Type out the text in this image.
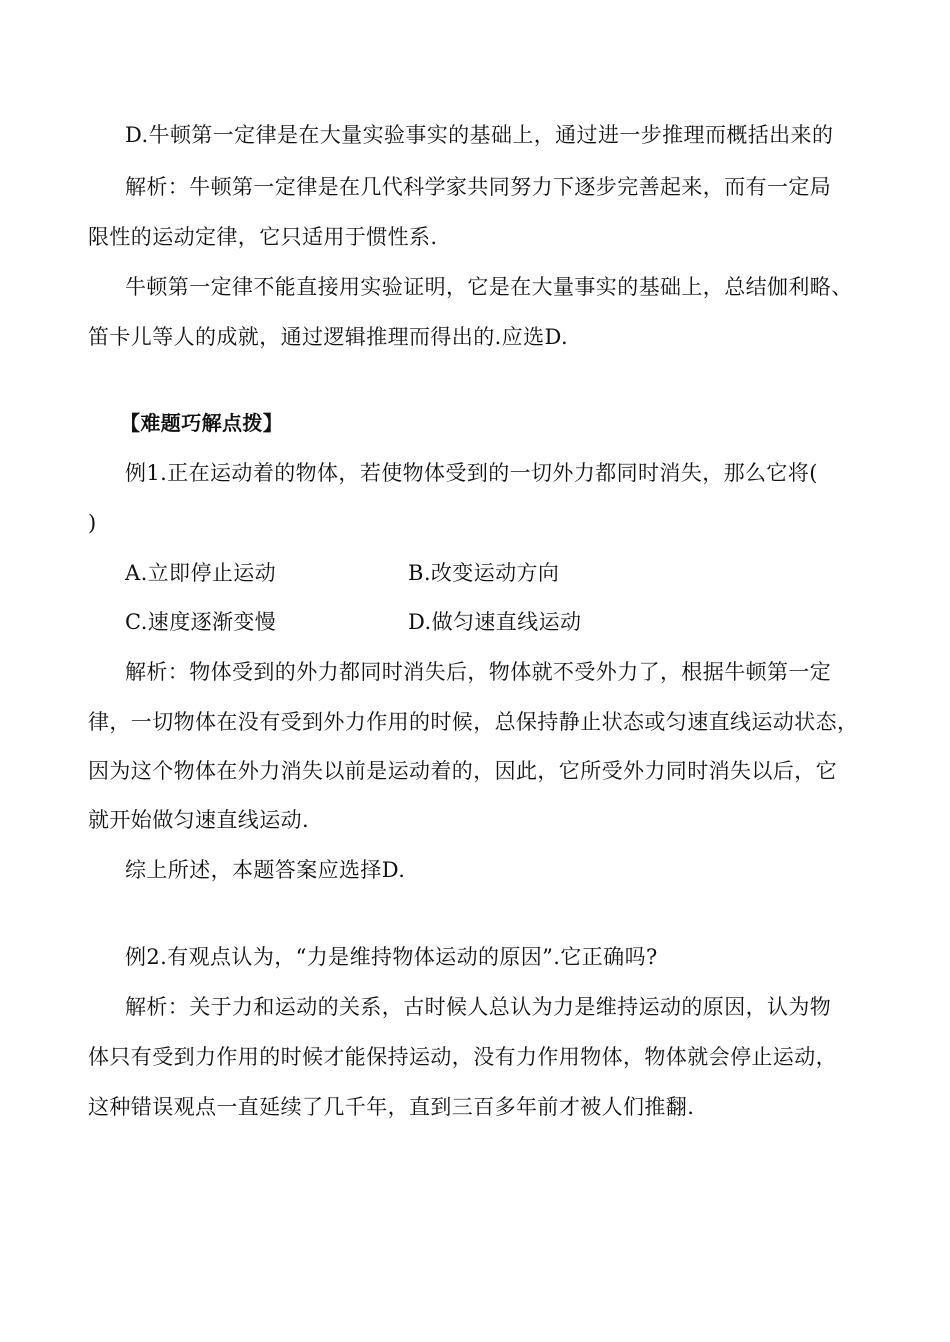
D.牛顿第一定律是在大量实验事实的基础上，通过进一步推理而概括出来的
解析：牛顿第一定律是在几代科学家共同努力下逐步完善起来，而有一定局
限性的运动定律，它只适用于惯性系.
牛顿第一定律不能直接用实验证明，它是在大量事实的基础上，总结伽利略、
笛卡儿等人的成就，通过逻辑推理而得出的.应选D.
【难题巧解点拨】
例1.正在运动着的物体，若使物体受到的一切外力都同时消失，那么它将(
)
A.立即停止运动	B.改变运动方向
C.速度逐渐变慢	D.做匀速直线运动
解析：物体受到的外力都同时消失后，物体就不受外力了，根据牛顿第一定
律，一切物体在没有受到外力作用的时候，总保持静止状态或匀速直线运动状态，
因为这个物体在外力消失以前是运动着的，因此，它所受外力同时消失以后，它
就开始做匀速直线运动.
综上所述，本题答案应选择D.
例2.有观点认为，“力是维持物体运动的原因”.它正确吗?
解析：关于力和运动的关系，古时候人总认为力是维持运动的原因，认为物
体只有受到力作用的时候才能保持运动，没有力作用物体，物体就会停止运动，
这种错误观点一直延续了几千年，直到三百多年前才被人们推翻.
